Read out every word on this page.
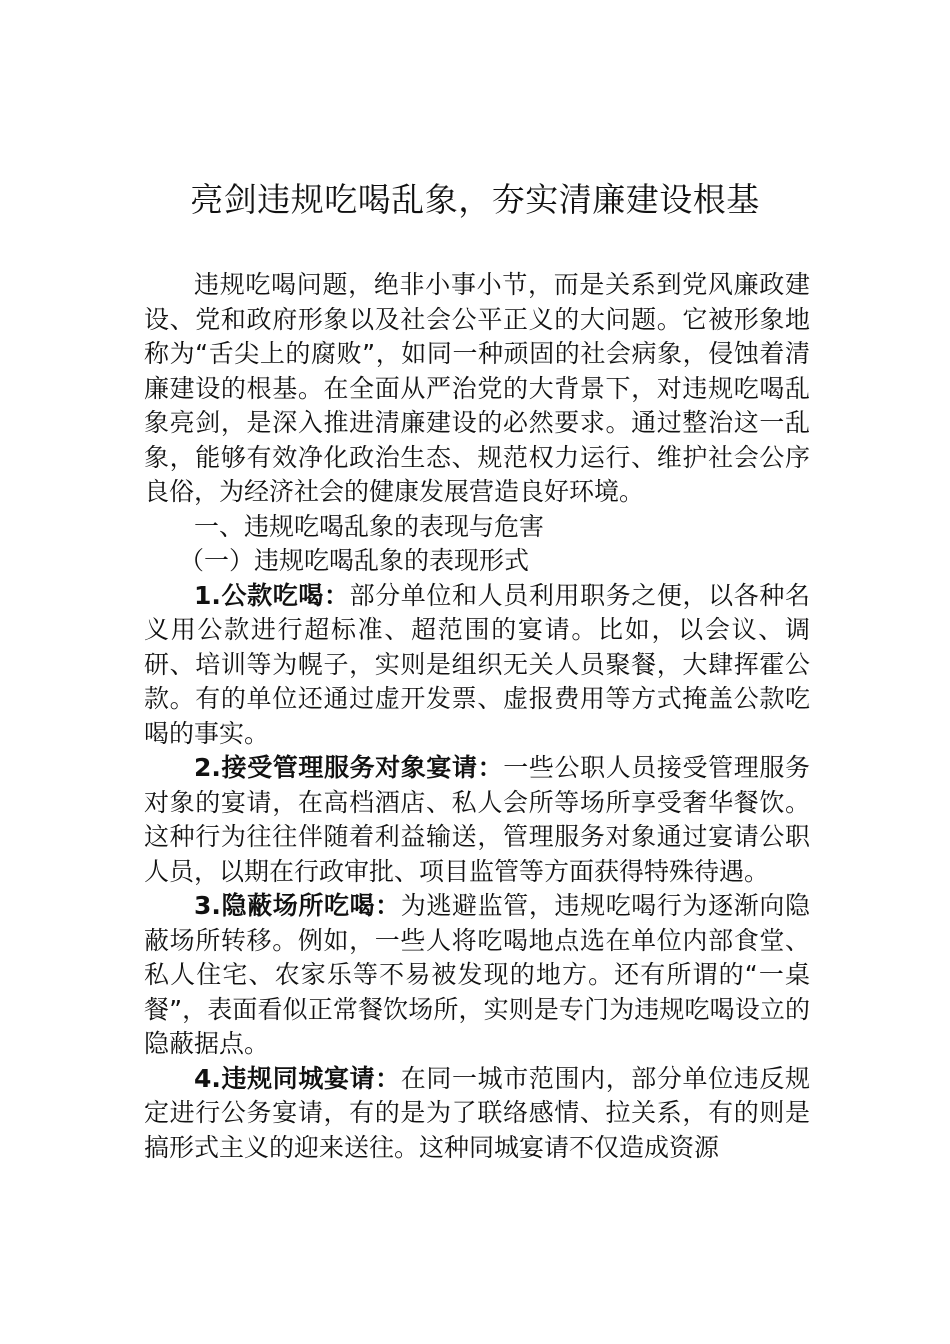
亮剑违规吃喝乱象，夯实清廉建设根基

违规吃喝问题，绝非小事小节，而是关系到党风廉政建设、党和政府形象以及社会公平正义的大问题。它被形象地称为“舌尖上的腐败”，如同一种顽固的社会病象，侵蚀着清廉建设的根基。在全面从严治党的大背景下，对违规吃喝乱象亮剑，是深入推进清廉建设的必然要求。通过整治这一乱象，能够有效净化政治生态、规范权力运行、维护社会公序良俗，为经济社会的健康发展营造良好环境。

一、违规吃喝乱象的表现与危害

（一）违规吃喝乱象的表现形式

1.公款吃喝：部分单位和人员利用职务之便，以各种名义用公款进行超标准、超范围的宴请。比如，以会议、调研、培训等为幌子，实则是组织无关人员聚餐，大肆挥霍公款。有的单位还通过虚开发票、虚报费用等方式掩盖公款吃喝的事实。

2.接受管理服务对象宴请：一些公职人员接受管理服务对象的宴请，在高档酒店、私人会所等场所享受奢华餐饮。这种行为往往伴随着利益输送，管理服务对象通过宴请公职人员，以期在行政审批、项目监管等方面获得特殊待遇。

3.隐蔽场所吃喝：为逃避监管，违规吃喝行为逐渐向隐蔽场所转移。例如，一些人将吃喝地点选在单位内部食堂、私人住宅、农家乐等不易被发现的地方。还有所谓的“一桌餐”，表面看似正常餐饮场所，实则是专门为违规吃喝设立的隐蔽据点。

4.违规同城宴请：在同一城市范围内，部分单位违反规定进行公务宴请，有的是为了联络感情、拉关系，有的则是搞形式主义的迎来送往。这种同城宴请不仅造成资源
